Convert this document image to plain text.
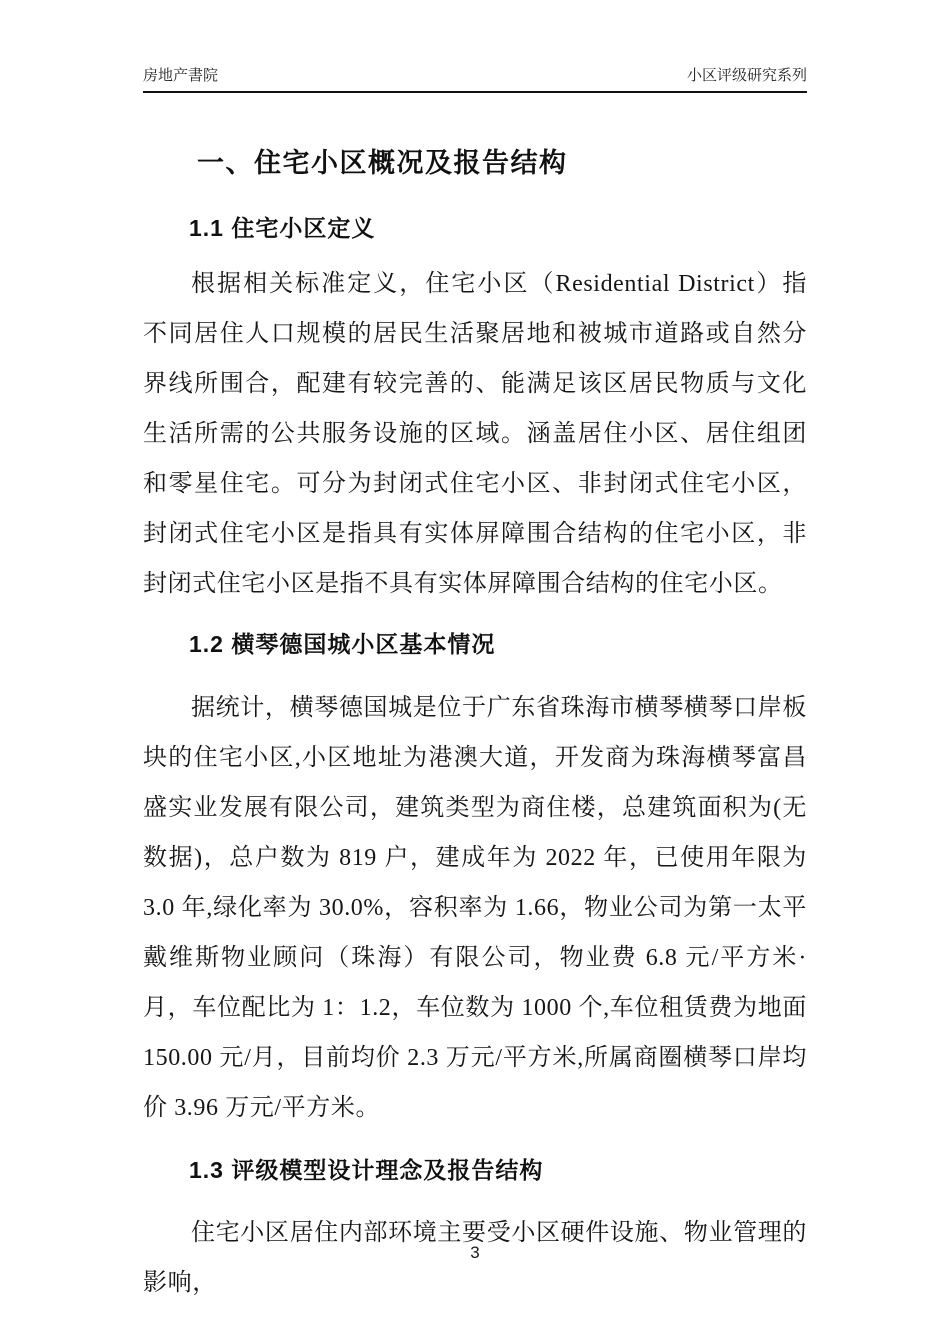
房地产書院	小区评级研究系列
一、住宅小区概况及报告结构
1.1 住宅小区定义

根据相关标准定义，住宅小区（Residential District）指不同居住人口规模的居民生活聚居地和被城市道路或自然分界线所围合，配建有较完善的、能满足该区居民物质与文化生活所需的公共服务设施的区域。涵盖居住小区、居住组团和零星住宅。可分为封闭式住宅小区、非封闭式住宅小区，封闭式住宅小区是指具有实体屏障围合结构的住宅小区，非封闭式住宅小区是指不具有实体屏障围合结构的住宅小区。

1.2 横琴德国城小区基本情况

据统计，横琴德国城是位于广东省珠海市横琴横琴口岸板块的住宅小区,小区地址为港澳大道，开发商为珠海横琴富昌盛实业发展有限公司，建筑类型为商住楼，总建筑面积为(无数据)，总户数为 819 户，建成年为 2022 年，已使用年限为 3.0 年,绿化率为 30.0%，容积率为 1.66，物业公司为第一太平戴维斯物业顾问（珠海）有限公司，物业费 6.8 元/平方米·月，车位配比为 1：1.2，车位数为 1000 个,车位租赁费为地面 150.00 元/月，目前均价 2.3 万元/平方米,所属商圈横琴口岸均价 3.96 万元/平方米。

1.3 评级模型设计理念及报告结构

住宅小区居住内部环境主要受小区硬件设施、物业管理的影响，

3
